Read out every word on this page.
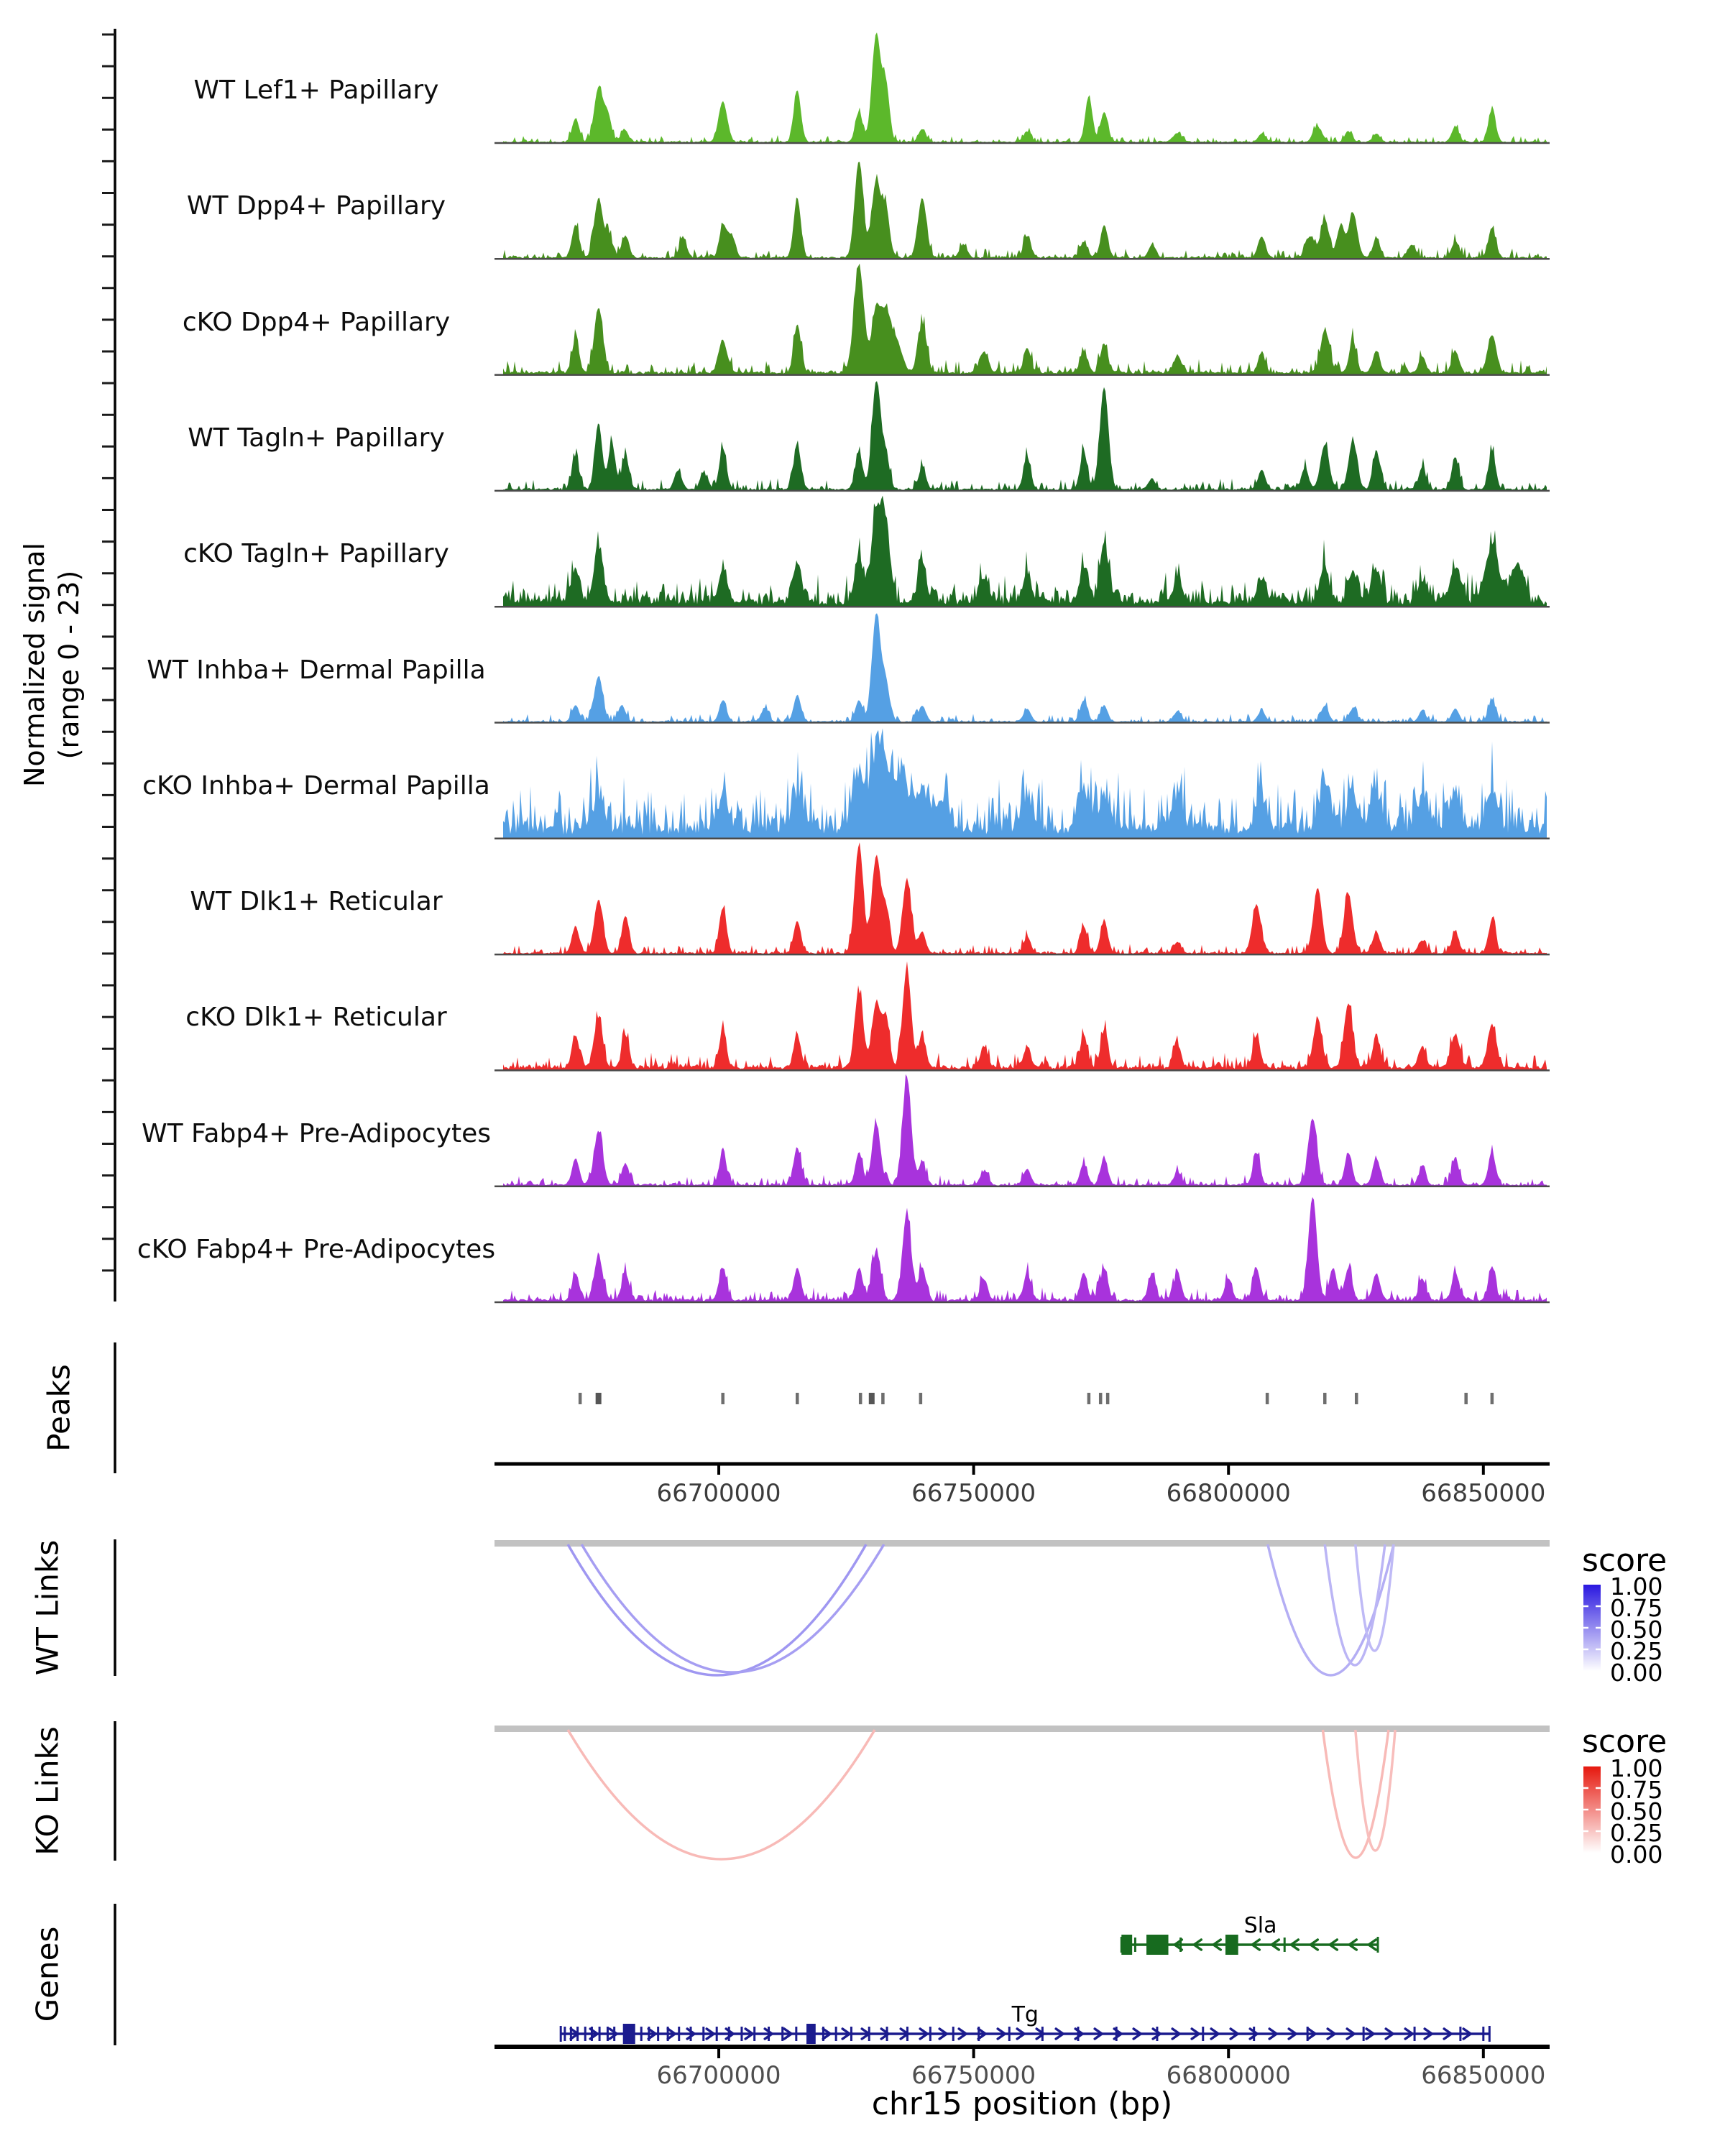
Normalized signal (range 0 - 23)
Peaks
WT Links
KO Links
Genes
WT Lef1+ Papillary
WT Dpp4+ Papillary
cKO Dpp4+ Papillary
WT Tagln+ Papillary
cKO Tagln+ Papillary
WT Inhba+ Dermal Papilla
cKO Inhba+ Dermal Papilla
WT Dlk1+ Reticular
cKO Dlk1+ Reticular
WT Fabp4+ Pre-Adipocytes
cKO Fabp4+ Pre-Adipocytes
66700000	66750000	66800000	66850000
66700000	66750000	66800000	66850000
score
score
1.00
0.75
0.50
0.25
0.00
1.00
0.75
0.50
0.25
0.00
Sla
Tg
chr15 position (bp)
